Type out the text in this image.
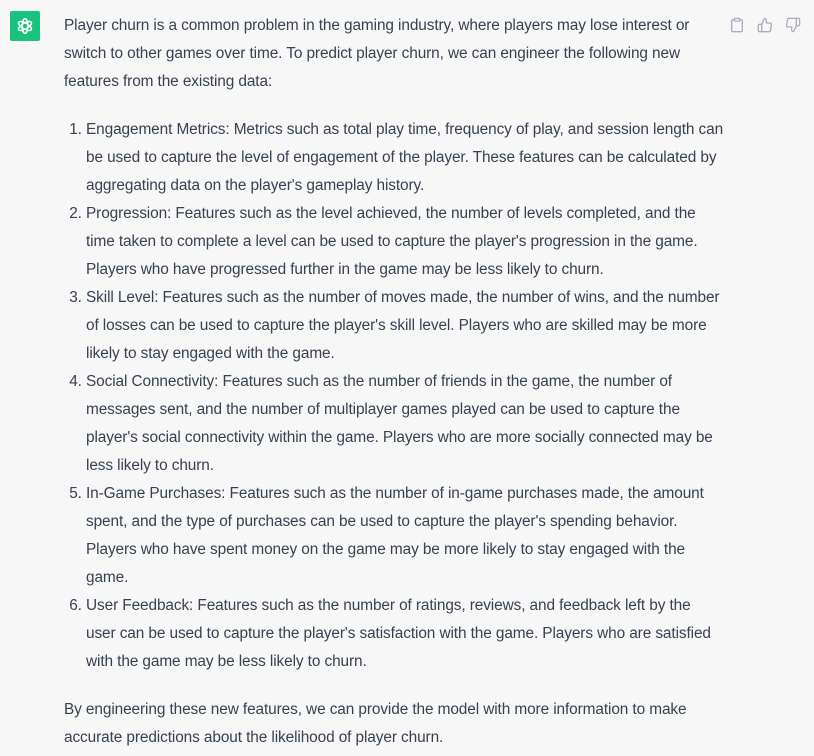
Player churn is a common problem in the gaming industry, where players may lose interest or switch to other games over time. To predict player churn, we can engineer the following new features from the existing data:

1. Engagement Metrics: Metrics such as total play time, frequency of play, and session length can be used to capture the level of engagement of the player. These features can be calculated by aggregating data on the player's gameplay history.
2. Progression: Features such as the level achieved, the number of levels completed, and the time taken to complete a level can be used to capture the player's progression in the game. Players who have progressed further in the game may be less likely to churn.
3. Skill Level: Features such as the number of moves made, the number of wins, and the number of losses can be used to capture the player's skill level. Players who are skilled may be more likely to stay engaged with the game.
4. Social Connectivity: Features such as the number of friends in the game, the number of messages sent, and the number of multiplayer games played can be used to capture the player's social connectivity within the game. Players who are more socially connected may be less likely to churn.
5. In-Game Purchases: Features such as the number of in-game purchases made, the amount spent, and the type of purchases can be used to capture the player's spending behavior. Players who have spent money on the game may be more likely to stay engaged with the game.
6. User Feedback: Features such as the number of ratings, reviews, and feedback left by the user can be used to capture the player's satisfaction with the game. Players who are satisfied with the game may be less likely to churn.

By engineering these new features, we can provide the model with more information to make accurate predictions about the likelihood of player churn.
